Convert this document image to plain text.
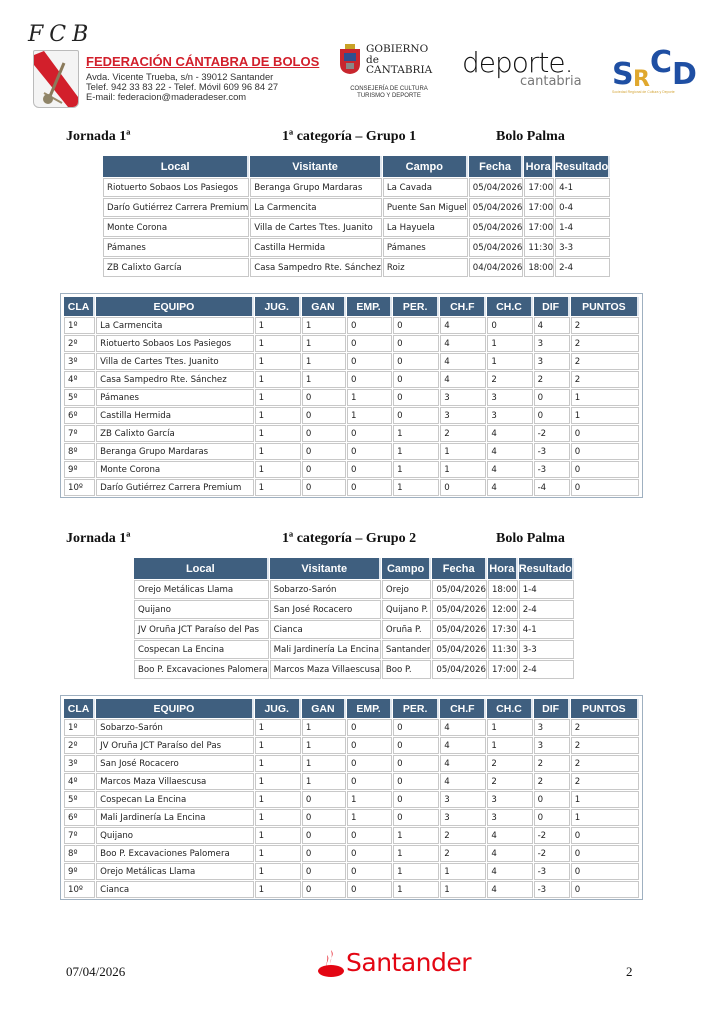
FCB
FEDERACIÓN CÁNTABRA DE BOLOS
Avda. Vicente Trueba, s/n - 39012 Santander
Telef. 942 33 83 22 - Telef. Móvil 609 96 84 27
E-mail: federacion@maderadeser.com
GOBIERNO
de
CANTABRIA
CONSEJERÍA DE CULTURA
TURISMO Y DEPORTE
deporte.
cantabria S R C D
Sociedad Regional de Cultura y Deporte
Jornada 1ª	1ª categoría – Grupo 1	Bolo Palma
Local	Visitante	Campo	Fecha	Hora	Resultado
Riotuerto Sobaos Los Pasiegos	Beranga Grupo Mardaras	La Cavada	05/04/2026	17:00	4-1
Darío Gutiérrez Carrera Premium	La Carmencita	Puente San Miguel	05/04/2026	17:00	0-4
Monte Corona	Villa de Cartes Ttes. Juanito	La Hayuela	05/04/2026	17:00	1-4
Pámanes	Castilla Hermida	Pámanes	05/04/2026	11:30	3-3
ZB Calixto García	Casa Sampedro Rte. Sánchez	Roiz	04/04/2026	18:00	2-4
CLA	EQUIPO	JUG.	GAN	EMP.	PER.	CH.F	CH.C	DIF	PUNTOS
1º	La Carmencita	1	1	0	0	4	0	4	2
2º	Riotuerto Sobaos Los Pasiegos	1	1	0	0	4	1	3	2
3º	Villa de Cartes Ttes. Juanito	1	1	0	0	4	1	3	2
4º	Casa Sampedro Rte. Sánchez	1	1	0	0	4	2	2	2
5º	Pámanes	1	0	1	0	3	3	0	1
6º	Castilla Hermida	1	0	1	0	3	3	0	1
7º	ZB Calixto García	1	0	0	1	2	4	-2	0
8º	Beranga Grupo Mardaras	1	0	0	1	1	4	-3	0
9º	Monte Corona	1	0	0	1	1	4	-3	0
10º	Darío Gutiérrez Carrera Premium	1	0	0	1	0	4	-4	0
Jornada 1ª	1ª categoría – Grupo 2	Bolo Palma
Local	Visitante	Campo	Fecha	Hora	Resultado
Orejo Metálicas Llama	Sobarzo-Sarón	Orejo	05/04/2026	18:00	1-4
Quijano	San José Rocacero	Quijano P.	05/04/2026	12:00	2-4
JV Oruña JCT Paraíso del Pas	Cianca	Oruña P.	05/04/2026	17:30	4-1
Cospecan La Encina	Mali Jardinería La Encina	Santander	05/04/2026	11:30	3-3
Boo P. Excavaciones Palomera	Marcos Maza Villaescusa	Boo P.	05/04/2026	17:00	2-4
CLA	EQUIPO	JUG.	GAN	EMP.	PER.	CH.F	CH.C	DIF	PUNTOS
1º	Sobarzo-Sarón	1	1	0	0	4	1	3	2
2º	JV Oruña JCT Paraíso del Pas	1	1	0	0	4	1	3	2
3º	San José Rocacero	1	1	0	0	4	2	2	2
4º	Marcos Maza Villaescusa	1	1	0	0	4	2	2	2
5º	Cospecan La Encina	1	0	1	0	3	3	0	1
6º	Mali Jardinería La Encina	1	0	1	0	3	3	0	1
7º	Quijano	1	0	0	1	2	4	-2	0
8º	Boo P. Excavaciones Palomera	1	0	0	1	2	4	-2	0
9º	Orejo Metálicas Llama	1	0	0	1	1	4	-3	0
10º	Cianca	1	0	0	1	1	4	-3	0
07/04/2026	Santander	2
